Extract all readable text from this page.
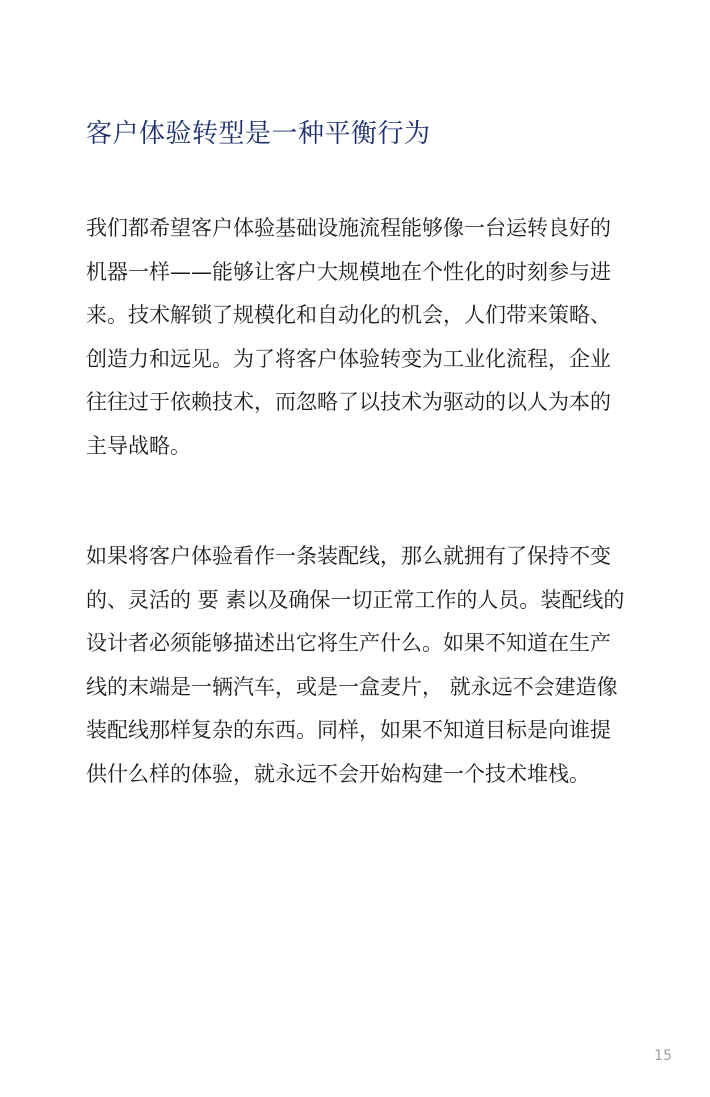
客户体验转型是一种平衡行为

我们都希望客户体验基础设施流程能够像一台运转良好的机器一样——能够让客户大规模地在个性化的时刻参与进来。技术解锁了规模化和自动化的机会，人们带来策略、创造力和远见。为了将客户体验转变为工业化流程，企业往往过于依赖技术，而忽略了以技术为驱动的以人为本的主导战略。

如果将客户体验看作一条装配线，那么就拥有了保持不变的、灵活的 要 素以及确保一切正常工作的人员。装配线的设计者必须能够描述出它将生产什么。如果不知道在生产线的末端是一辆汽车，或是一盒麦片， 就永远不会建造像装配线那样复杂的东西。同样，如果不知道目标是向谁提供什么样的体验，就永远不会开始构建一个技术堆栈。

15
